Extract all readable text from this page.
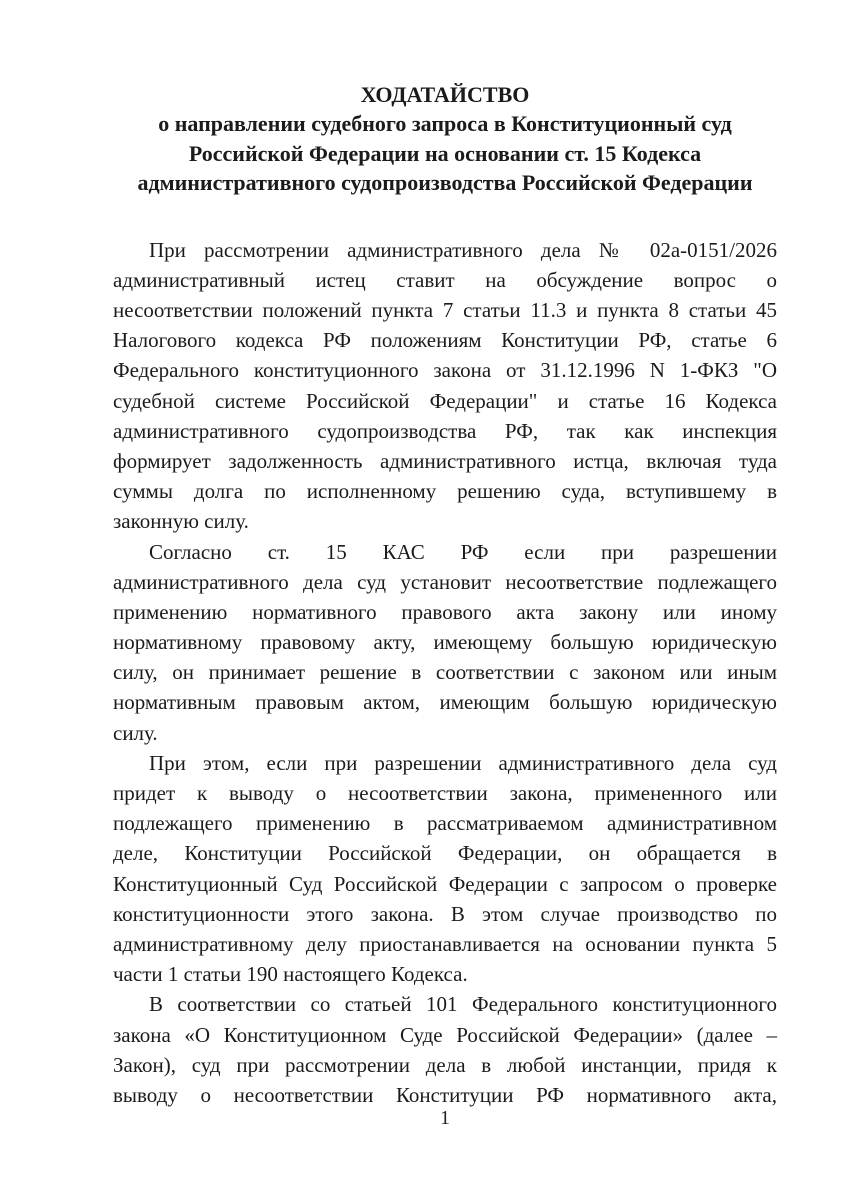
ХОДАТАЙСТВО
о направлении судебного запроса в Конституционный суд
Российской Федерации на основании ст. 15 Кодекса
административного судопроизводства Российской Федерации
При рассмотрении административного дела № 02а-0151/2026
административный истец ставит на обсуждение вопрос о
несоответствии положений пункта 7 статьи 11.3 и пункта 8 статьи 45
Налогового кодекса РФ положениям Конституции РФ, статье 6
Федерального конституционного закона от 31.12.1996 N 1-ФКЗ "О
судебной системе Российской Федерации" и статье 16 Кодекса
административного судопроизводства РФ, так как инспекция
формирует задолженность административного истца, включая туда
суммы долга по исполненному решению суда, вступившему в
законную силу.
Согласно ст. 15 КАС РФ если при разрешении
административного дела суд установит несоответствие подлежащего
применению нормативного правового акта закону или иному
нормативному правовому акту, имеющему большую юридическую
силу, он принимает решение в соответствии с законом или иным
нормативным правовым актом, имеющим большую юридическую
силу.
При этом, если при разрешении административного дела суд
придет к выводу о несоответствии закона, примененного или
подлежащего применению в рассматриваемом административном
деле, Конституции Российской Федерации, он обращается в
Конституционный Суд Российской Федерации с запросом о проверке
конституционности этого закона. В этом случае производство по
административному делу приостанавливается на основании пункта 5
части 1 статьи 190 настоящего Кодекса.
В соответствии со статьей 101 Федерального конституционного
закона «О Конституционном Суде Российской Федерации» (далее –
Закон), суд при рассмотрении дела в любой инстанции, придя к
выводу о несоответствии Конституции РФ нормативного акта,
1
